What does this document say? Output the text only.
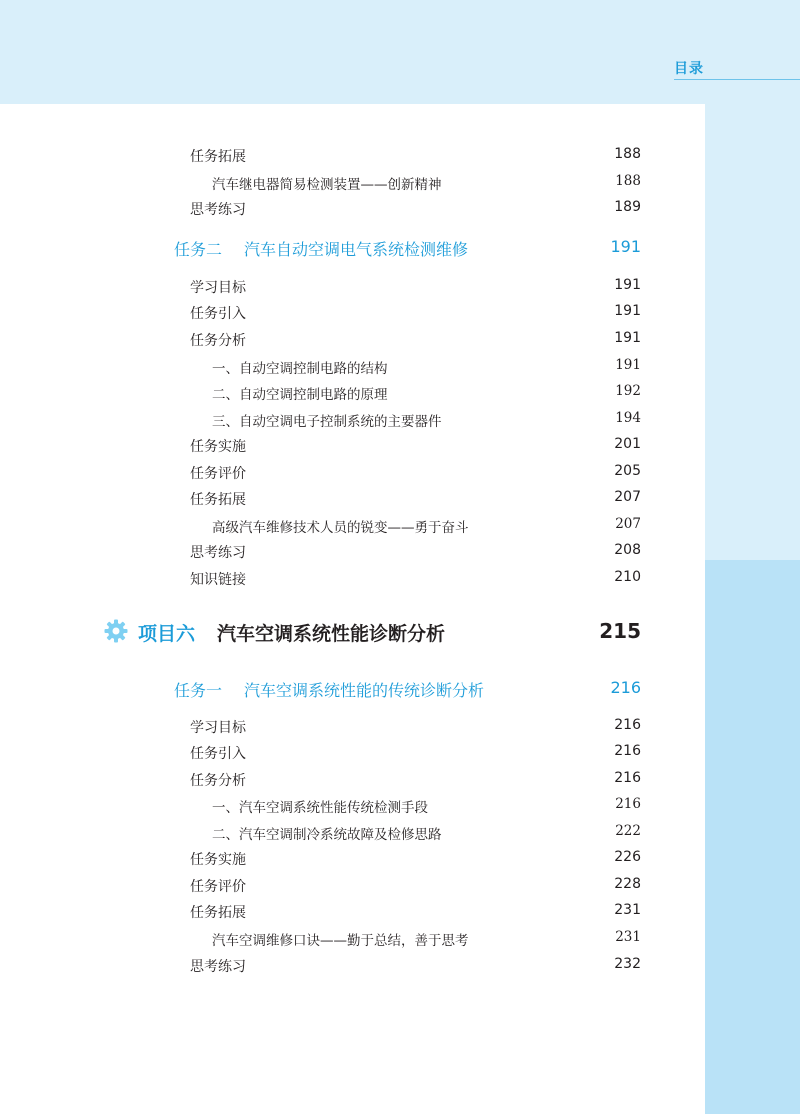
目录
任务拓展	188
汽车继电器简易检测装置——创新精神	188
思考练习	189
任务二 汽车自动空调电气系统检测维修	191
学习目标	191
任务引入	191
任务分析	191
一、自动空调控制电路的结构	191
二、自动空调控制电路的原理	192
三、自动空调电子控制系统的主要器件	194
任务实施	201
任务评价	205
任务拓展	207
高级汽车维修技术人员的锐变——勇于奋斗	207
思考练习	208
知识链接	210
项目六 汽车空调系统性能诊断分析	215
任务一 汽车空调系统性能的传统诊断分析	216
学习目标	216
任务引入	216
任务分析	216
一、汽车空调系统性能传统检测手段	216
二、汽车空调制冷系统故障及检修思路	222
任务实施	226
任务评价	228
任务拓展	231
汽车空调维修口诀——勤于总结，善于思考	231
思考练习	232
